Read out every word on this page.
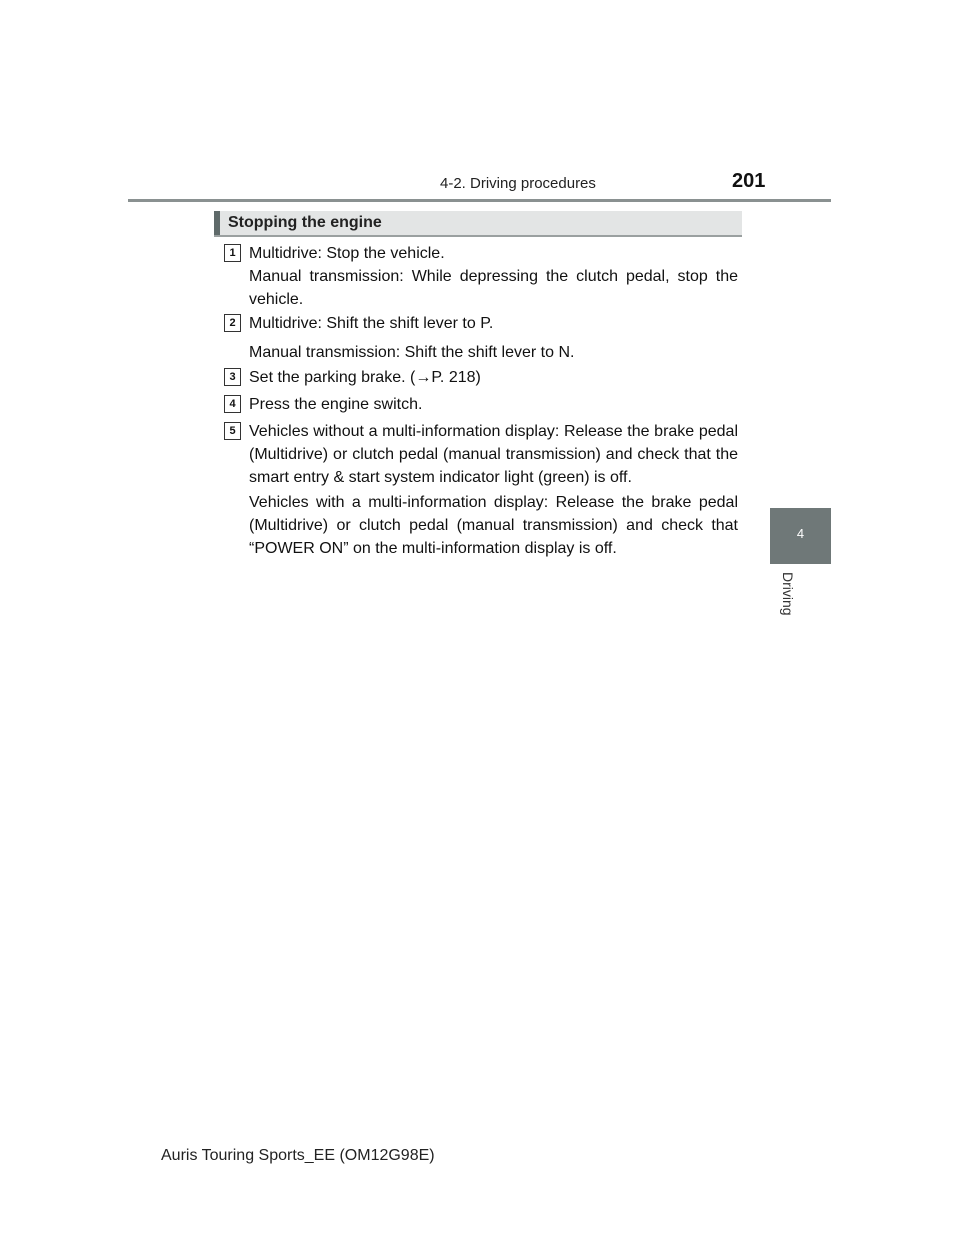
4-2. Driving procedures	201
4
Driving
Stopping the engine
1 Multidrive: Stop the vehicle.

Manual transmission: While depressing the clutch pedal, stop the vehicle.

2 Multidrive: Shift the shift lever to P.

Manual transmission: Shift the shift lever to N.

3 Set the parking brake. (→P. 218)

4 Press the engine switch.

5 Vehicles without a multi-information display: Release the brake pedal (Multidrive) or clutch pedal (manual transmission) and check that the smart entry & start system indicator light (green) is off.

Vehicles with a multi-information display: Release the brake pedal (Multidrive) or clutch pedal (manual transmission) and check that “POWER ON” on the multi-information display is off.

Auris Touring Sports_EE (OM12G98E)
